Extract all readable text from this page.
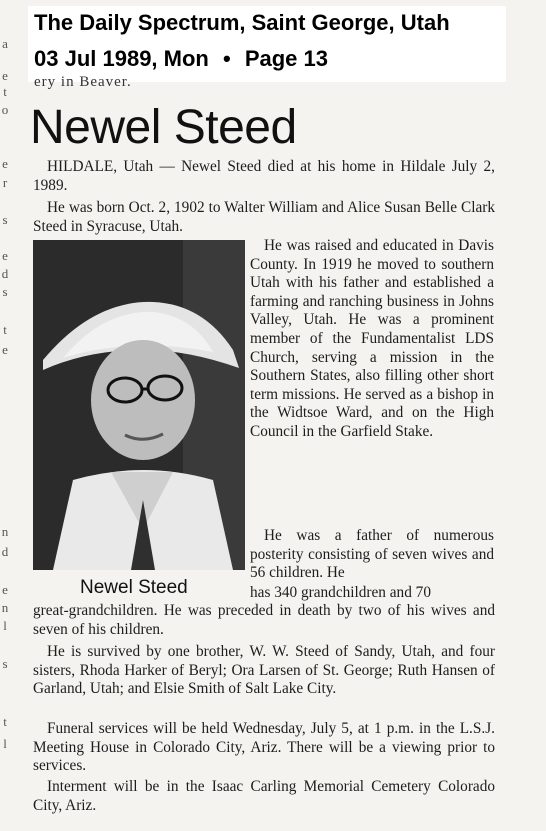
The Daily Spectrum, Saint George, Utah
03 Jul 1989, Mon • Page 13
ery in Beaver.
a
e
t
o
e
r
s
e
d
s
t
e
n
d
e
n
l
s
t
l
Newel Steed
HILDALE, Utah — Newel Steed died at his home in Hildale July 2, 1989.
He was born Oct. 2, 1902 to Walter William and Alice Susan Belle Clark Steed in Syracuse, Utah.
Newel Steed
He was raised and educated in Davis County. In 1919 he moved to southern Utah with his father and established a farming and ranching business in Johns Valley, Utah. He was a prominent member of the Fundamentalist LDS Church, serving a mission in the Southern States, also filling other short term missions. He served as a bishop in the Widtsoe Ward, and on the High Council in the Garfield Stake.
He was a father of numerous posterity consisting of seven wives and 56 children. He
has 340 grandchildren and 70
great-grandchildren. He was preceded in death by two of his wives and seven of his children.
He is survived by one brother, W. W. Steed of Sandy, Utah, and four sisters, Rhoda Harker of Beryl; Ora Larsen of St. George; Ruth Hansen of Garland, Utah; and Elsie Smith of Salt Lake City.
Funeral services will be held Wednesday, July 5, at 1 p.m. in the L.S.J. Meeting House in Colorado City, Ariz. There will be a viewing prior to services.
Interment will be in the Isaac Carling Memorial Cemetery Colorado City, Ariz.
